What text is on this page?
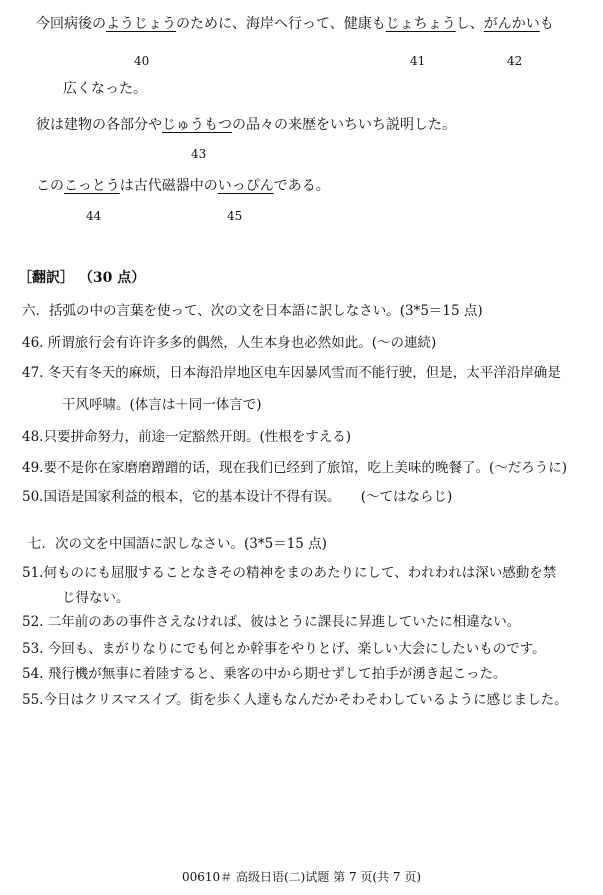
今回病後のようじょうのために、海岸へ行って、健康もじょちょうし、がんかいも
40	41	42
広くなった。
彼は建物の各部分やじゅうもつの品々の来歴をいちいち説明した。
43
このこっとうは古代磁器中のいっぴんである。
44	45
［翻訳］ （30 点）
六．括弧の中の言葉を使って、次の文を日本語に訳しなさい。(3*5＝15 点)
46. 所谓旅行会有许许多多的偶然，人生本身也必然如此。(～の連続)
47. 冬天有冬天的麻烦，日本海沿岸地区电车因暴风雪而不能行驶，但是，太平洋沿岸确是
干风呼啸。(体言は＋同一体言で)
48.只要拼命努力，前途一定豁然开朗。(性根をすえる)
49.要不是你在家磨磨蹭蹭的话，现在我们已经到了旅馆，吃上美味的晚餐了。(～だろうに)
50.国语是国家利益的根本，它的基本设计不得有误。　　(～てはならじ)
七．次の文を中国語に訳しなさい。(3*5＝15 点)
51.何ものにも屈服することなきその精神をまのあたりにして、われわれは深い感動を禁
じ得ない。
52. 二年前のあの事件さえなければ、彼はとうに課長に昇進していたに相違ない。
53. 今回も、まがりなりにでも何とか幹事をやりとげ、楽しい大会にしたいものです。
54. 飛行機が無事に着陸すると、乗客の中から期せずして拍手が湧き起こった。
55.今日はクリスマスイブ。街を歩く人達もなんだかそわそわしているように感じました。
00610＃ 高级日语(二)试题 第 7 页(共 7 页)
